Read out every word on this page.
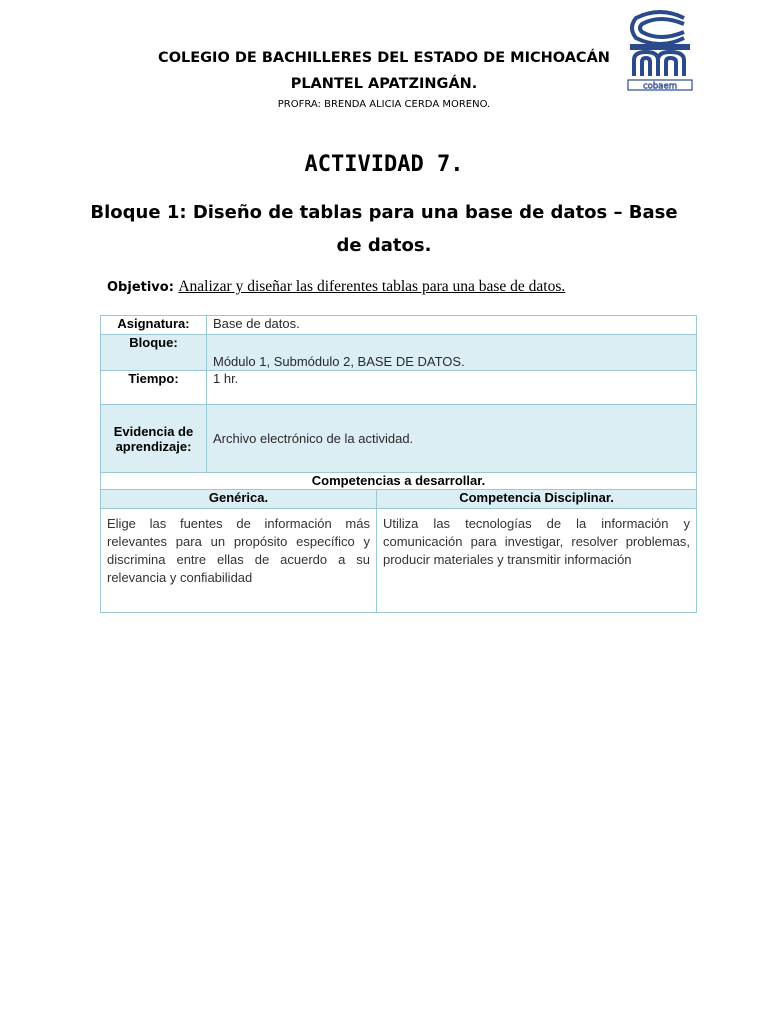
COLEGIO DE BACHILLERES DEL ESTADO DE MICHOACÁN
PLANTEL APATZINGÁN.
PROFRA: BRENDA ALICIA CERDA MORENO.
cobaem
ACTIVIDAD 7.
Bloque 1: Diseño de tablas para una base de datos – Base
de datos.
Objetivo: Analizar y diseñar las diferentes tablas para una base de datos.
Asignatura:	Base de datos.	
Bloque:	Módulo 1, Submódulo 2, BASE DE DATOS.	
Tiempo:	1 hr.	
Evidencia de aprendizaje:	Archivo electrónico de la actividad.	
Competencias a desarrollar.		
Genérica.		Competencia Disciplinar.
Elige las fuentes de información más relevantes para un propósito específico y discrimina entre ellas de acuerdo a su relevancia y confiabilidad		Utiliza las tecnologías de la información y comunicación para investigar, resolver problemas, producir materiales y transmitir información
